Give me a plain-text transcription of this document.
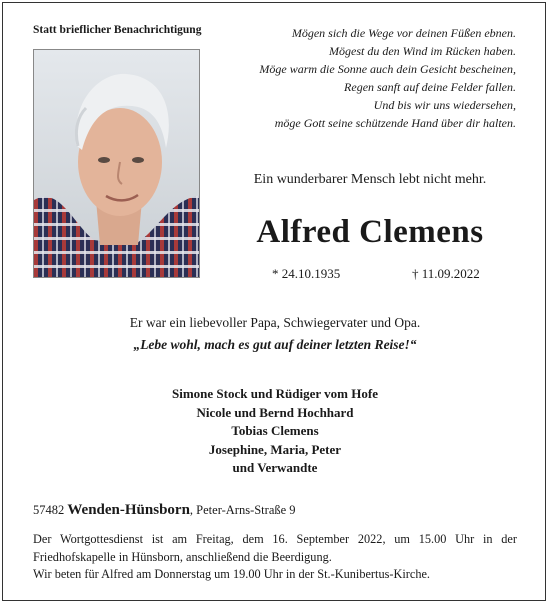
Statt brieflicher Benachrichtigung	Mögen sich die Wege vor deinen Füßen ebnen.
Mögest du den Wind im Rücken haben.
Möge warm die Sonne auch dein Gesicht bescheinen,
Regen sanft auf deine Felder fallen.
Und bis wir uns wiedersehen,
möge Gott seine schützende Hand über dir halten.
Ein wunderbarer Mensch lebt nicht mehr.
Alfred Clemens
* 24.10.1935	† 11.09.2022
Er war ein liebevoller Papa, Schwiegervater und Opa.
„Lebe wohl, mach es gut auf deiner letzten Reise!“
Simone Stock und Rüdiger vom Hofe
Nicole und Bernd Hochhard
Tobias Clemens
Josephine, Maria, Peter
und Verwandte
57482 Wenden-Hünsborn, Peter-Arns-Straße 9
Der Wortgottesdienst ist am Freitag, dem 16. September 2022, um 15.00 Uhr in der
Friedhofskapelle in Hünsborn, anschließend die Beerdigung.
Wir beten für Alfred am Donnerstag um 19.00 Uhr in der St.-Kunibertus-Kirche.
